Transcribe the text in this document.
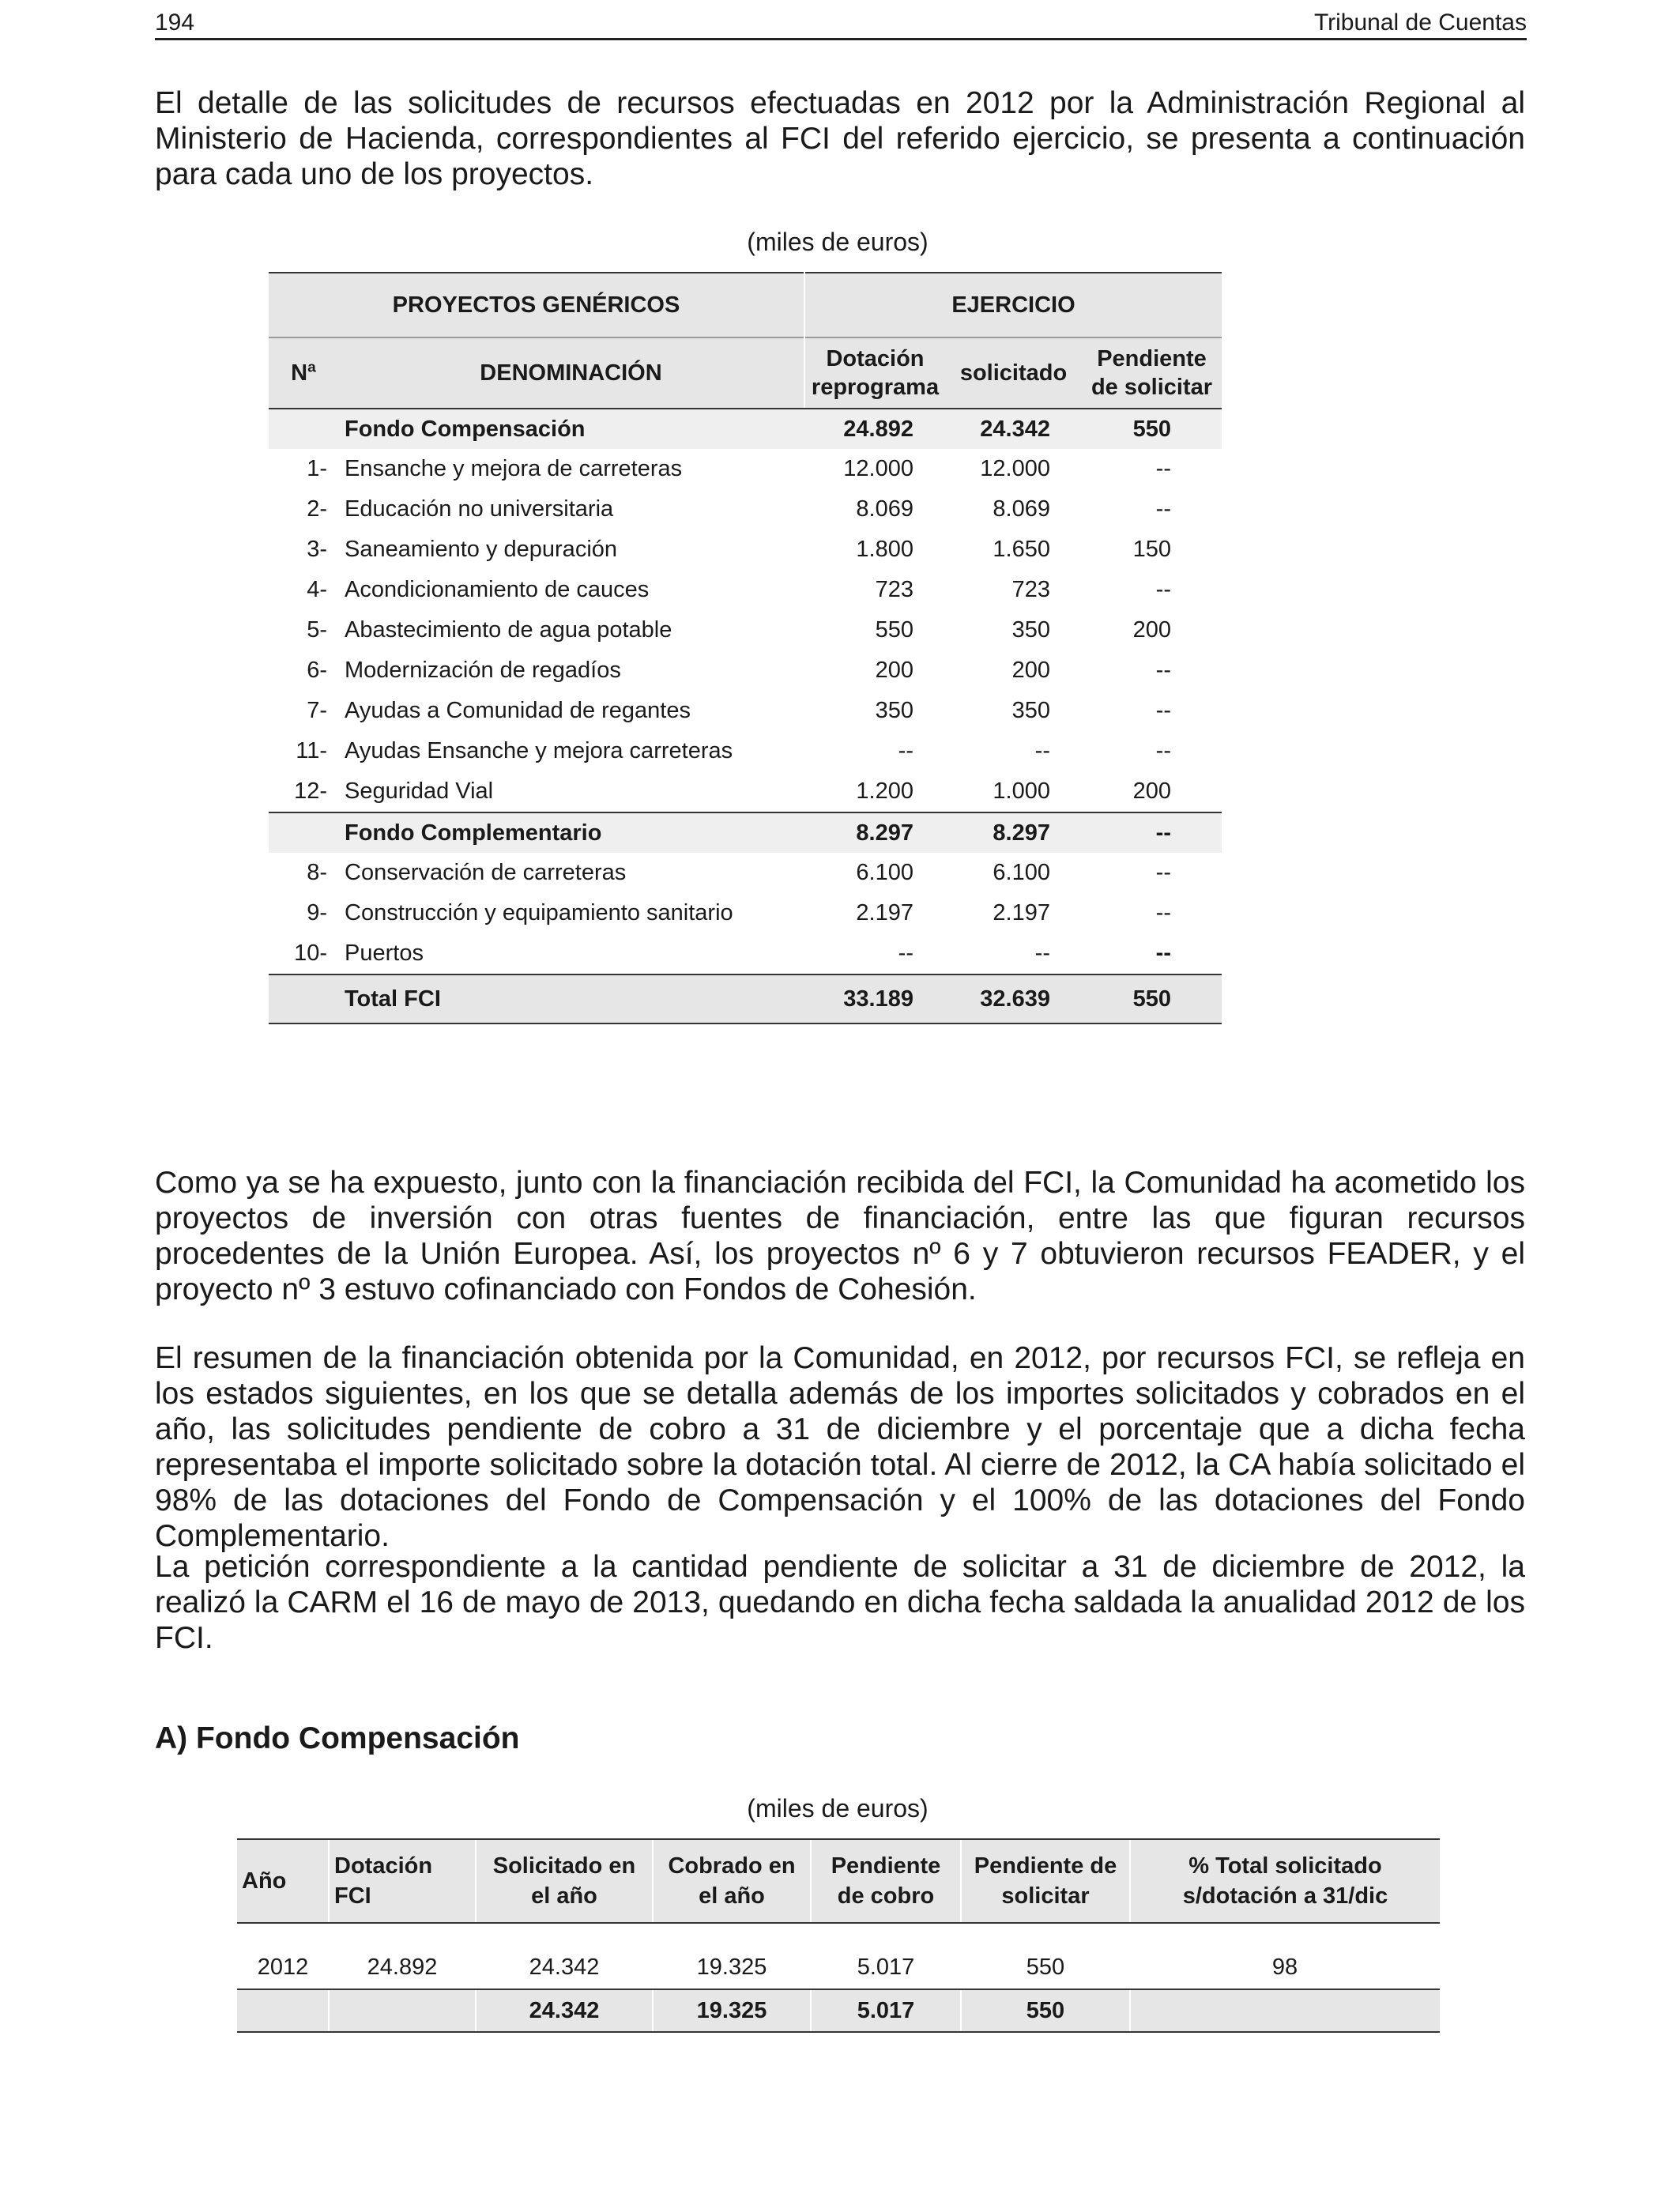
194	Tribunal de Cuentas

El detalle de las solicitudes de recursos efectuadas en 2012 por la Administración Regional al Ministerio de Hacienda, correspondientes al FCI del referido ejercicio, se presenta a continuación para cada uno de los proyectos.

(miles de euros)
PROYECTOS GENÉRICOS		EJERCICIO		
Nª	DENOMINACIÓN	Dotación reprograma	solicitado	Pendiente de solicitar
	Fondo Compensación	24.892	24.342	550
1-	Ensanche y mejora de carreteras	12.000	12.000	--
2-	Educación no universitaria	8.069	8.069	--
3-	Saneamiento y depuración	1.800	1.650	150
4-	Acondicionamiento de cauces	723	723	--
5-	Abastecimiento de agua potable	550	350	200
6-	Modernización de regadíos	200	200	--
7-	Ayudas a Comunidad de regantes	350	350	--
11-	Ayudas Ensanche y mejora carreteras	--	--	--
12-	Seguridad Vial	1.200	1.000	200
	Fondo Complementario	8.297	8.297	--
8-	Conservación de carreteras	6.100	6.100	--
9-	Construcción y equipamiento sanitario	2.197	2.197	--
10-	Puertos	--	--	--
	Total FCI	33.189	32.639	550

Como ya se ha expuesto, junto con la financiación recibida del FCI, la Comunidad ha acometido los proyectos de inversión con otras fuentes de financiación, entre las que figuran recursos procedentes de la Unión Europea. Así, los proyectos nº 6 y 7 obtuvieron recursos FEADER, y el proyecto nº 3 estuvo cofinanciado con Fondos de Cohesión.

El resumen de la financiación obtenida por la Comunidad, en 2012, por recursos FCI, se refleja en los estados siguientes, en los que se detalla además de los importes solicitados y cobrados en el año, las solicitudes pendiente de cobro a 31 de diciembre y el porcentaje que a dicha fecha representaba el importe solicitado sobre la dotación total. Al cierre de 2012, la CA había solicitado el 98% de las dotaciones del Fondo de Compensación y el 100% de las dotaciones del Fondo Complementario.

La petición correspondiente a la cantidad pendiente de solicitar a 31 de diciembre de 2012, la realizó la CARM el 16 de mayo de 2013, quedando en dicha fecha saldada la anualidad 2012 de los FCI.

A) Fondo Compensación
(miles de euros)
Año	Dotación FCI	Solicitado en el año	Cobrado en el año	Pendiente de cobro	Pendiente de solicitar	% Total solicitado s/dotación a 31/dic

2012	24.892	24.342	19.325	5.017	550	98
		24.342	19.325	5.017	550	
